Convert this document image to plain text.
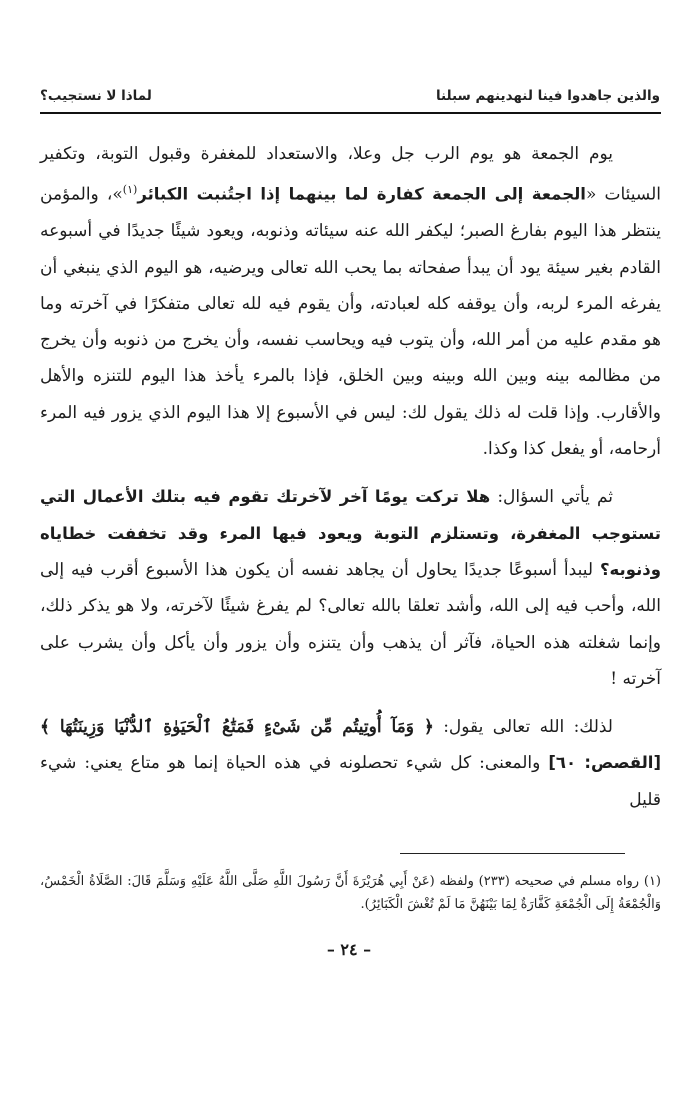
والذين جاهدوا فينا لنهدينهم سبلنا
لماذا لا نستجيب؟

يوم الجمعة هو يوم الرب جل وعلا، والاستعداد للمغفرة وقبول التوبة، وتكفير السيئات «الجمعة إلى الجمعة كفارة لما بينهما إذا اجتُنبت الكبائر$^{(١)}$»، والمؤمن ينتظر هذا اليوم بفارغ الصبر؛ ليكفر الله عنه سيئاته وذنوبه، ويعود شيئًا جديدًا في أسبوعه القادم بغير سيئة يود أن يبدأ صفحاته بما يحب الله تعالى ويرضيه، هو اليوم الذي ينبغي أن يفرغه المرء لربه، وأن يوقفه كله لعبادته، وأن يقوم فيه لله تعالى متفكرًا في آخرته وما هو مقدم عليه من أمر الله، وأن يتوب فيه ويحاسب نفسه، وأن يخرج من ذنوبه وأن يخرج من مظالمه بينه وبين الله وبينه وبين الخلق، فإذا بالمرء يأخذ هذا اليوم للتنزه والأهل والأقارب. وإذا قلت له ذلك يقول لك: ليس في الأسبوع إلا هذا اليوم الذي يزور فيه المرء أرحامه، أو يفعل كذا وكذا.

ثم يأتي السؤال: هلا تركت يومًا آخر لآخرتك تقوم فيه بتلك الأعمال التي تستوجب المغفرة، وتستلزم التوبة ويعود فيها المرء وقد تخففت خطاياه وذنوبه؟ ليبدأ أسبوعًا جديدًا يحاول أن يجاهد نفسه أن يكون هذا الأسبوع أقرب فيه إلى الله، وأحب فيه إلى الله، وأشد تعلقا بالله تعالى؟ لم يفرغ شيئًا لآخرته، ولا هو يذكر ذلك، وإنما شغلته هذه الحياة، فآثر أن يذهب وأن يتنزه وأن يزور وأن يأكل وأن يشرب على آخرته !

لذلك: الله تعالى يقول: ﴿ وَمَآ أُوتِيتُم مِّن شَىْءٍ فَمَتَٰعُ ٱلْحَيَوٰةِ ٱلدُّنْيَا وَزِينَتُهَا ﴾ [القصص: ٦٠] والمعنى: كل شيء تحصلونه في هذه الحياة إنما هو متاع يعني: شيء قليل

(١) رواه مسلم في صحيحه (٢٣٣) ولفظه (عَنْ أَبِي هُرَيْرَةَ أَنَّ رَسُولَ اللَّهِ صَلَّى اللَّهُ عَلَيْهِ وَسَلَّمَ قَالَ: الصَّلَاةُ الْخَمْسُ، وَالْجُمْعَةُ إِلَى الْجُمْعَةِ كَفَّارَةٌ لِمَا بَيْنَهُنَّ مَا لَمْ تُغْشَ الْكَبَائِرُ).
– ٢٤ –
